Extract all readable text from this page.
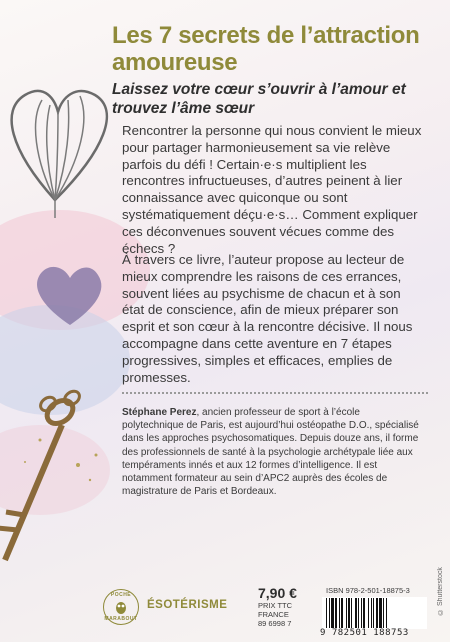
Les 7 secrets de l’attraction amoureuse
Laissez votre cœur s’ouvrir à l’amour et trouvez l’âme sœur
Rencontrer la personne qui nous convient le mieux pour partager harmonieusement sa vie relève parfois du défi ! Certain·e·s multiplient les rencontres infructueuses, d’autres peinent à lier connaissance avec quiconque ou sont systématiquement déçu·e·s… Comment expliquer ces déconvenues souvent vécues comme des échecs ?
À travers ce livre, l’auteur propose au lecteur de mieux comprendre les raisons de ces errances, souvent liées au psychisme de chacun et à son état de conscience, afin de mieux préparer son esprit et son cœur à la rencontre décisive. Il nous accompagne dans cette aventure en 7 étapes progressives, simples et efficaces, emplies de promesses.
Stéphane Perez, ancien professeur de sport à l’école polytechnique de Paris, est aujourd’hui ostéopathe D.O., spécialisé dans les approches psychosomatiques. Depuis douze ans, il forme des professionnels de santé à la psychologie archétypale liée aux tempéraments innés et aux 12 formes d’intelligence. Il est notamment formateur au sein d’APC2 auprès des écoles de magistrature de Paris et Bordeaux.
© Shutterstock
POCHE
MARABOUT
ÉSOTÉRISME
7,90 €
PRIX TTC FRANCE
89 6998 7
ISBN 978-2-501-18875-3
9 782501 188753
